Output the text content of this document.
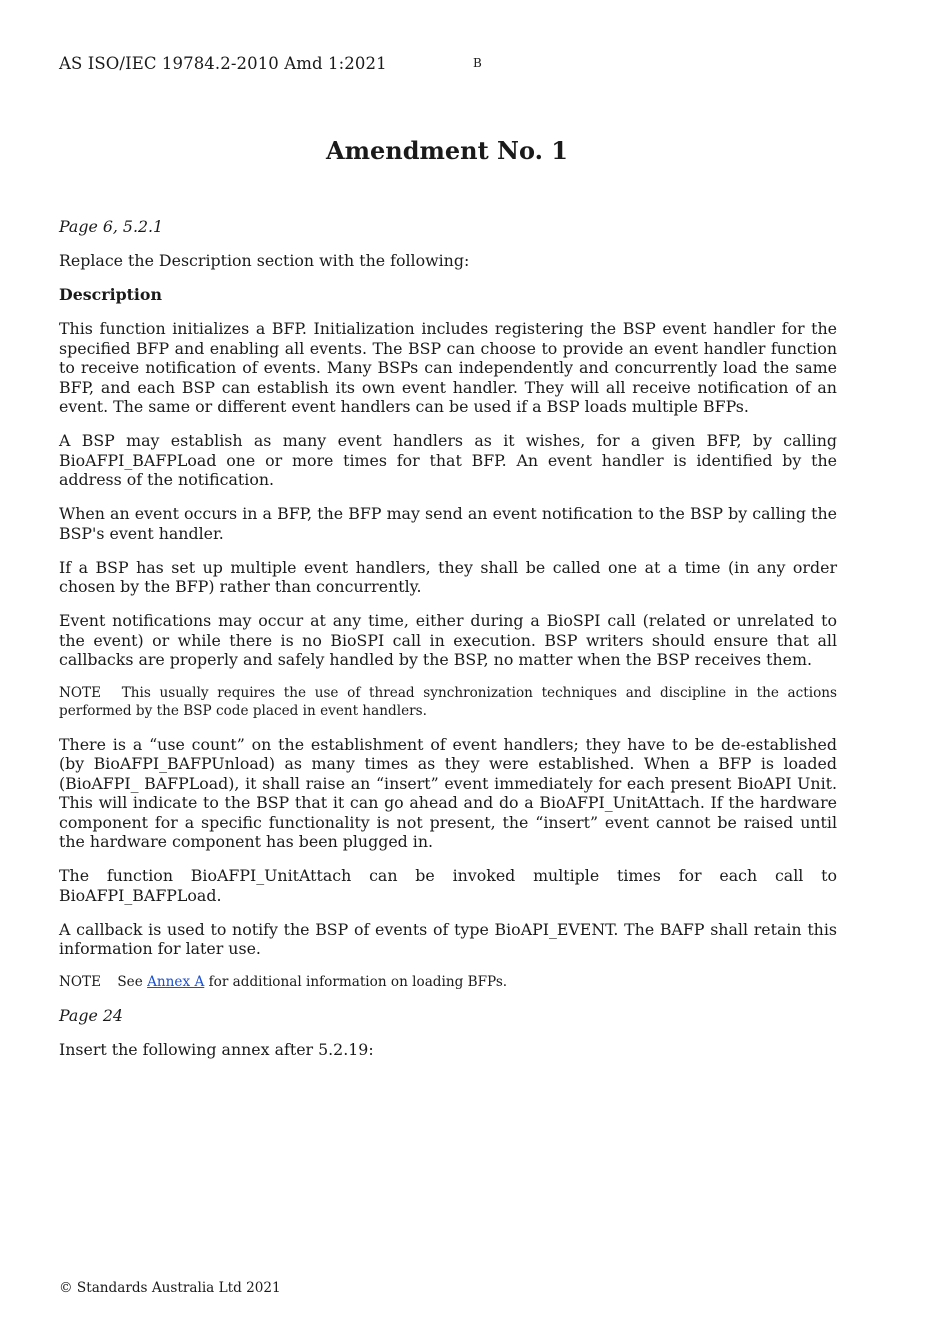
AS ISO/IEC 19784.2-2010 Amd 1:2021	B
Amendment No. 1

Page 6, 5.2.1

Replace the Description section with the following:

Description

This function initializes a BFP. Initialization includes registering the BSP event handler for the specified BFP and enabling all events. The BSP can choose to provide an event handler function to receive notification of events. Many BSPs can independently and concurrently load the same BFP, and each BSP can establish its own event handler. They will all receive notification of an event. The same or different event handlers can be used if a BSP loads multiple BFPs.

A BSP may establish as many event handlers as it wishes, for a given BFP, by calling BioAFPI_BAFPLoad one or more times for that BFP. An event handler is identified by the address of the notification.

When an event occurs in a BFP, the BFP may send an event notification to the BSP by calling the BSP's event handler.

If a BSP has set up multiple event handlers, they shall be called one at a time (in any order chosen by the BFP) rather than concurrently.

Event notifications may occur at any time, either during a BioSPI call (related or unrelated to the event) or while there is no BioSPI call in execution. BSP writers should ensure that all callbacks are properly and safely handled by the BSP, no matter when the BSP receives them.

NOTE This usually requires the use of thread synchronization techniques and discipline in the actions performed by the BSP code placed in event handlers.

There is a “use count” on the establishment of event handlers; they have to be de-established (by BioAFPI_BAFPUnload) as many times as they were established. When a BFP is loaded (BioAFPI_ BAFPLoad), it shall raise an “insert” event immediately for each present BioAPI Unit. This will indicate to the BSP that it can go ahead and do a BioAFPI_UnitAttach. If the hardware component for a specific functionality is not present, the “insert” event cannot be raised until the hardware component has been plugged in.

The function BioAFPI_UnitAttach can be invoked multiple times for each call to BioAFPI_BAFPLoad.

A callback is used to notify the BSP of events of type BioAPI_EVENT. The BAFP shall retain this information for later use.

NOTE See Annex A for additional information on loading BFPs.

Page 24

Insert the following annex after 5.2.19:

© Standards Australia Ltd 2021
